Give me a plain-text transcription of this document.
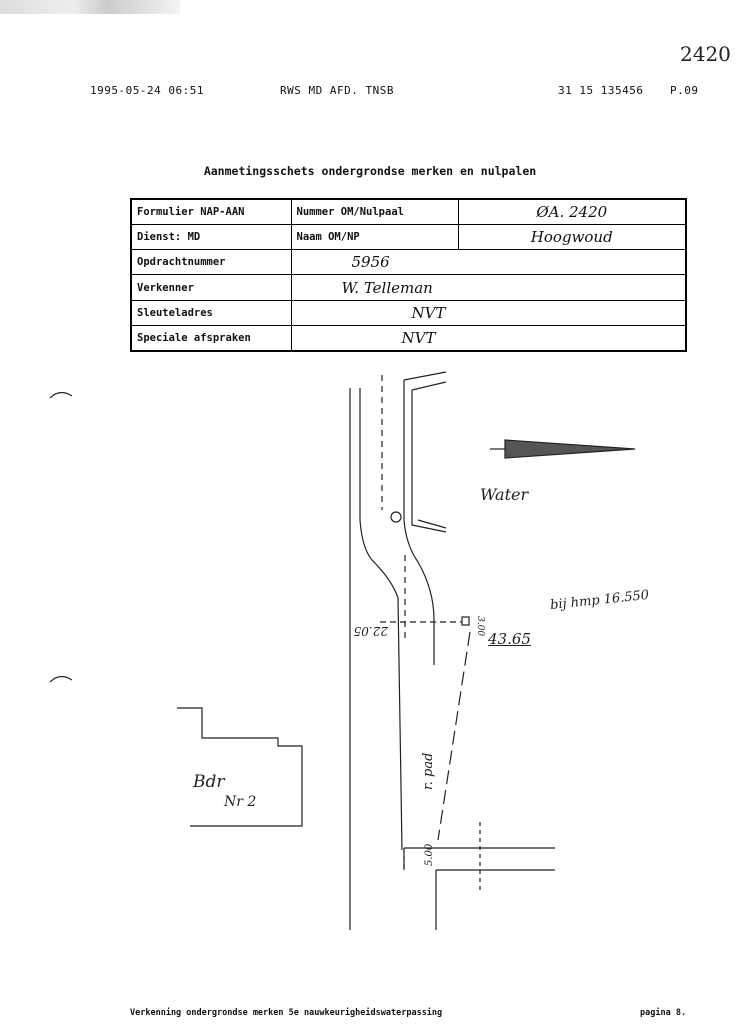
2420
1995-05-24 06:51	RWS MD AFD. TNSB	31 15 135456 P.09
Aanmetingsschets ondergrondse merken en nulpalen
Formulier NAP-AAN	Nummer OM/Nulpaal	ØA. 2420
Dienst: MD	Naam OM/NP	Hoogwoud
Opdrachtnummer	5956	
Verkenner	W. Telleman	
Sleuteladres	NVT	
Speciale afspraken	NVT	
22.05
r. pad
5.00
3.00
Water
43.65
bij hmp 16.550
Bdr
Nr 2
Verkenning ondergrondse merken 5e nauwkeurigheidswaterpassing	pagina 8.
